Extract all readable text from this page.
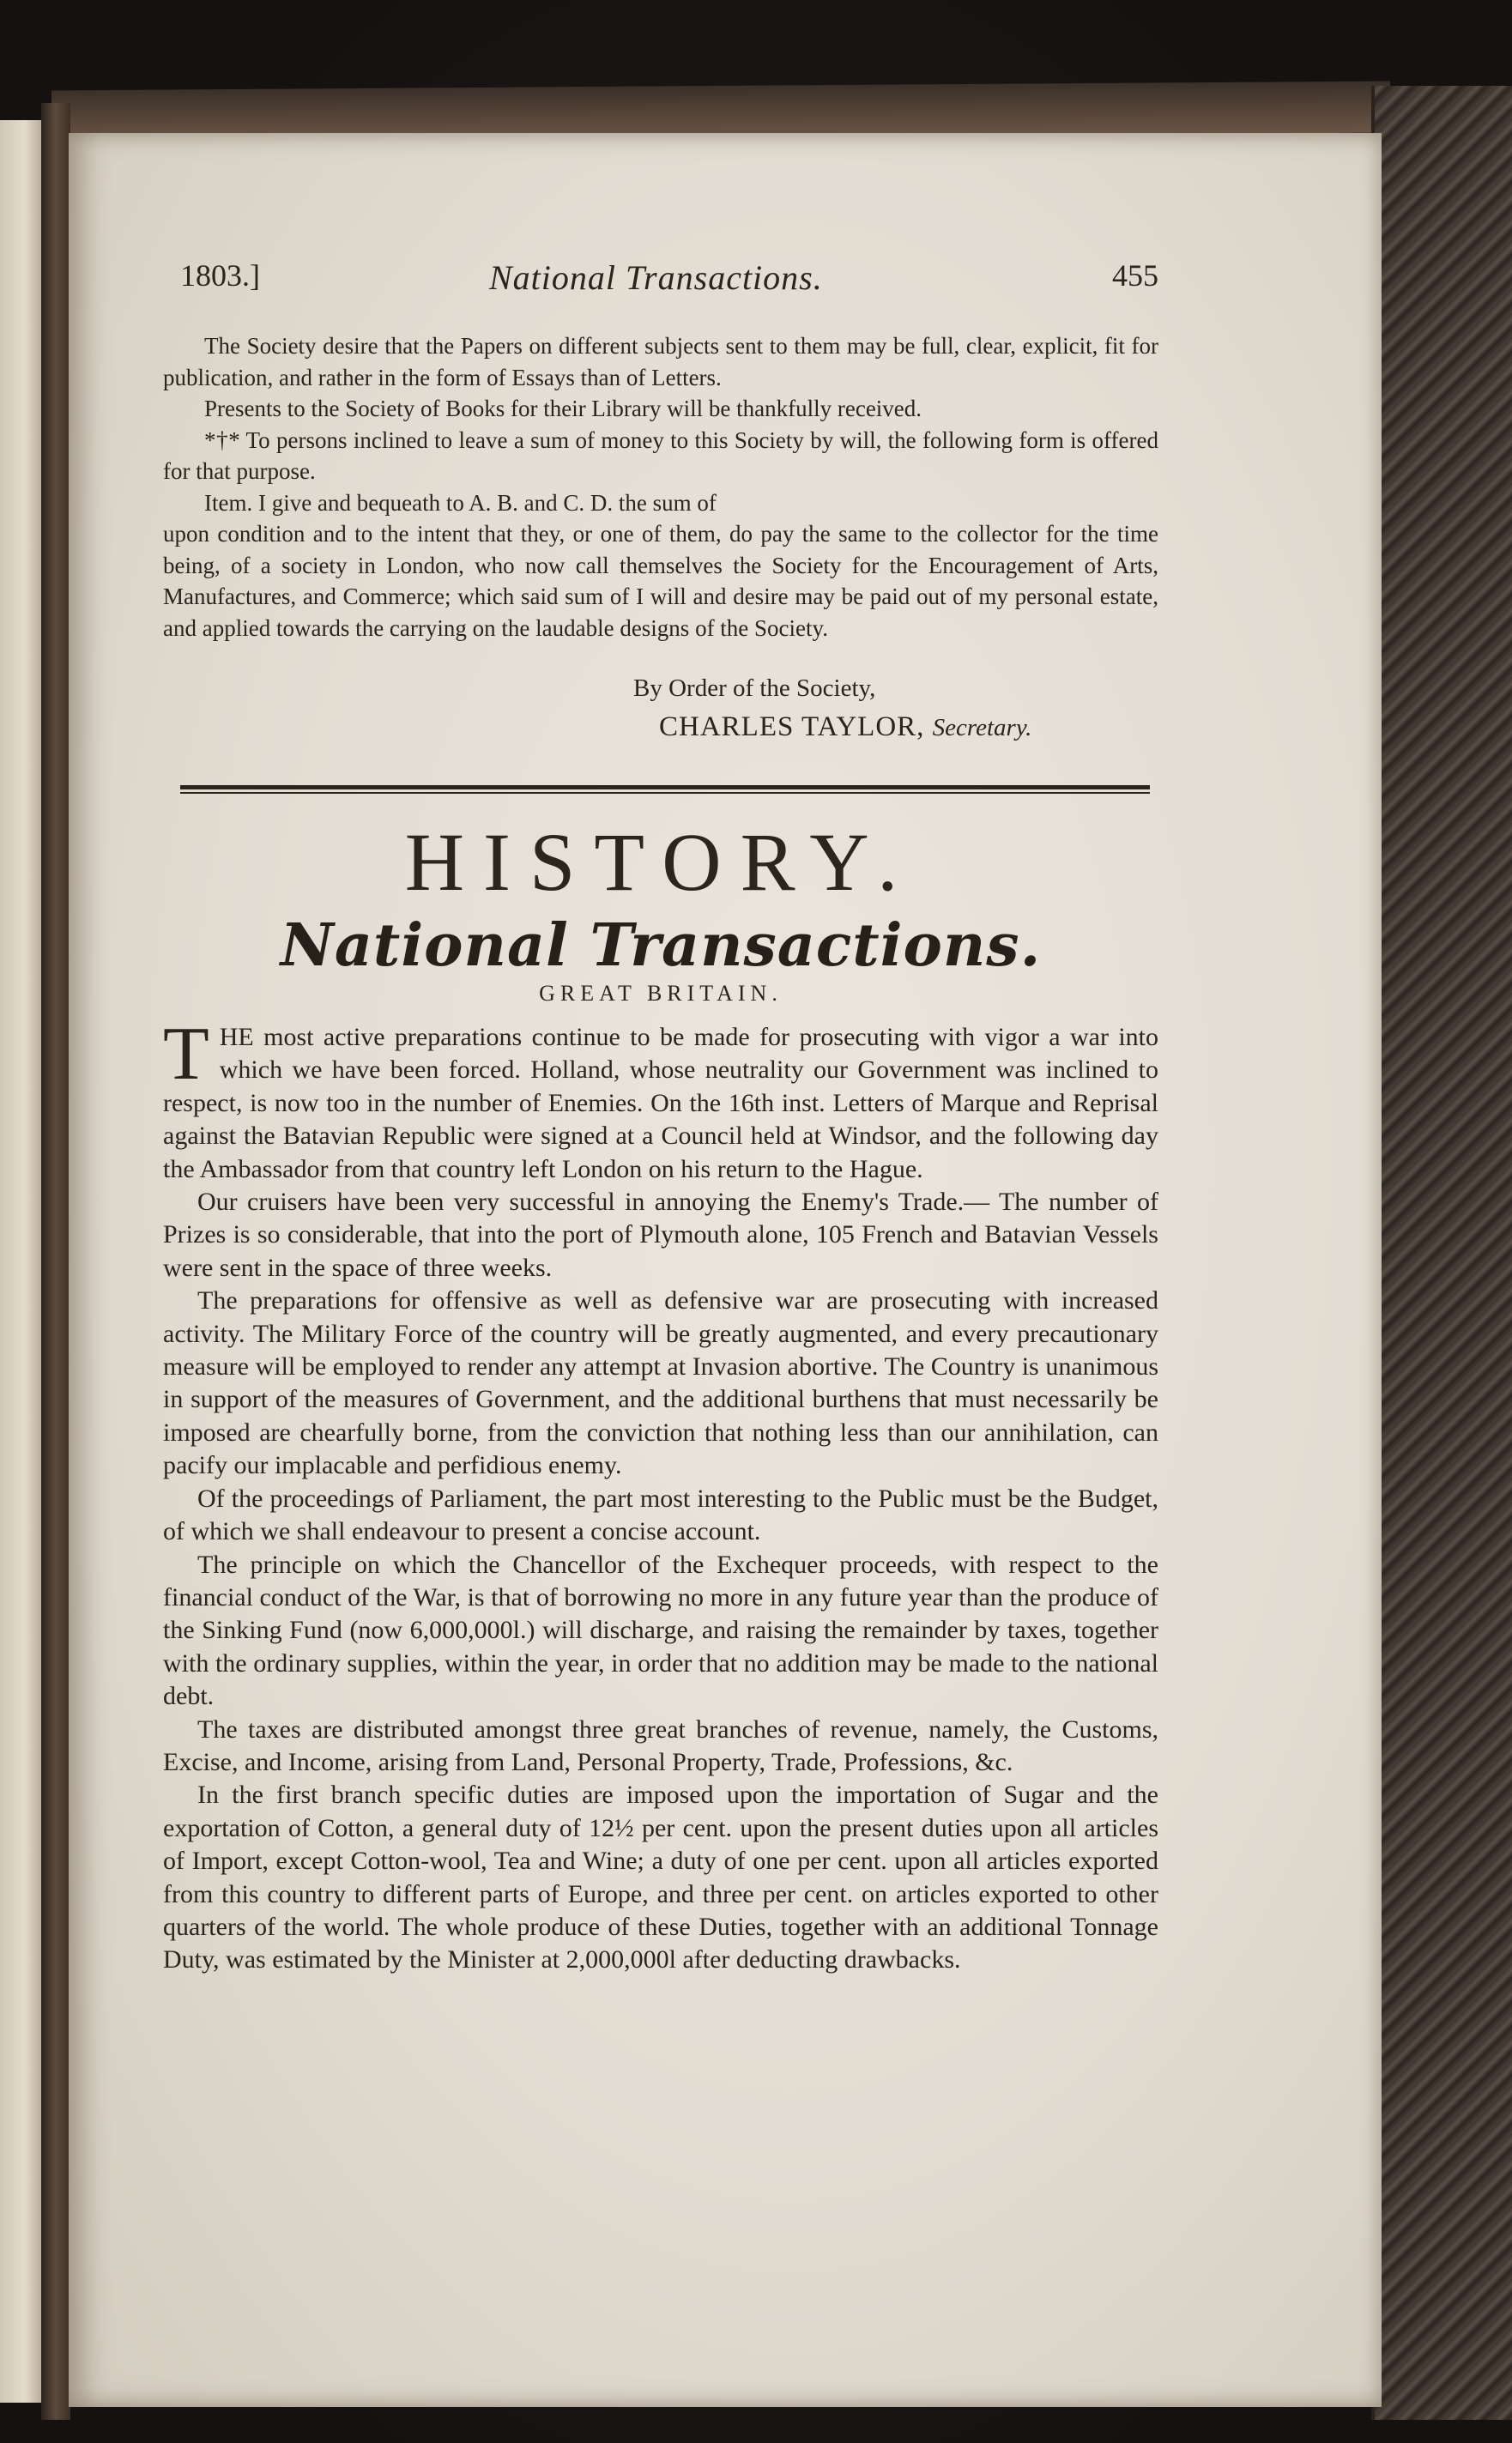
1803.]	National Transactions.	455

The Society desire that the Papers on different subjects sent to them may be full, clear, explicit, fit for publication, and rather in the form of Essays than of Letters.

Presents to the Society of Books for their Library will be thankfully received.

*†* To persons inclined to leave a sum of money to this Society by will, the following form is offered for that purpose.

Item. I give and bequeath to A. B. and C. D. the sum of

upon condition and to the intent that they, or one of them, do pay the same to the collector for the time being, of a society in London, who now call themselves the Society for the Encouragement of Arts, Manufactures, and Commerce; which said sum of I will and desire may be paid out of my personal estate, and applied towards the carrying on the laudable designs of the Society.

By Order of the Society,
CHARLES TAYLOR, Secretary.
HISTORY.
National Transactions.
GREAT BRITAIN.

THE most active preparations continue to be made for prosecuting with vigor a war into which we have been forced. Holland, whose neutrality our Government was inclined to respect, is now too in the number of Enemies. On the 16th inst. Letters of Marque and Reprisal against the Batavian Republic were signed at a Council held at Windsor, and the following day the Ambassador from that country left London on his return to the Hague.

Our cruisers have been very successful in annoying the Enemy's Trade.— The number of Prizes is so considerable, that into the port of Plymouth alone, 105 French and Batavian Vessels were sent in the space of three weeks.

The preparations for offensive as well as defensive war are prosecuting with increased activity. The Military Force of the country will be greatly augmented, and every precautionary measure will be employed to render any attempt at Invasion abortive. The Country is unanimous in support of the measures of Government, and the additional burthens that must necessarily be imposed are chearfully borne, from the conviction that nothing less than our annihilation, can pacify our implacable and perfidious enemy.

Of the proceedings of Parliament, the part most interesting to the Public must be the Budget, of which we shall endeavour to present a concise account.

The principle on which the Chancellor of the Exchequer proceeds, with respect to the financial conduct of the War, is that of borrowing no more in any future year than the produce of the Sinking Fund (now 6,000,000l.) will discharge, and raising the remainder by taxes, together with the ordinary supplies, within the year, in order that no addition may be made to the national debt.

The taxes are distributed amongst three great branches of revenue, namely, the Customs, Excise, and Income, arising from Land, Personal Property, Trade, Professions, &c.

In the first branch specific duties are imposed upon the importation of Sugar and the exportation of Cotton, a general duty of 12½ per cent. upon the present duties upon all articles of Import, except Cotton-wool, Tea and Wine; a duty of one per cent. upon all articles exported from this country to different parts of Europe, and three per cent. on articles exported to other quarters of the world. The whole produce of these Duties, together with an additional Tonnage Duty, was estimated by the Minister at 2,000,000l after deducting drawbacks.
